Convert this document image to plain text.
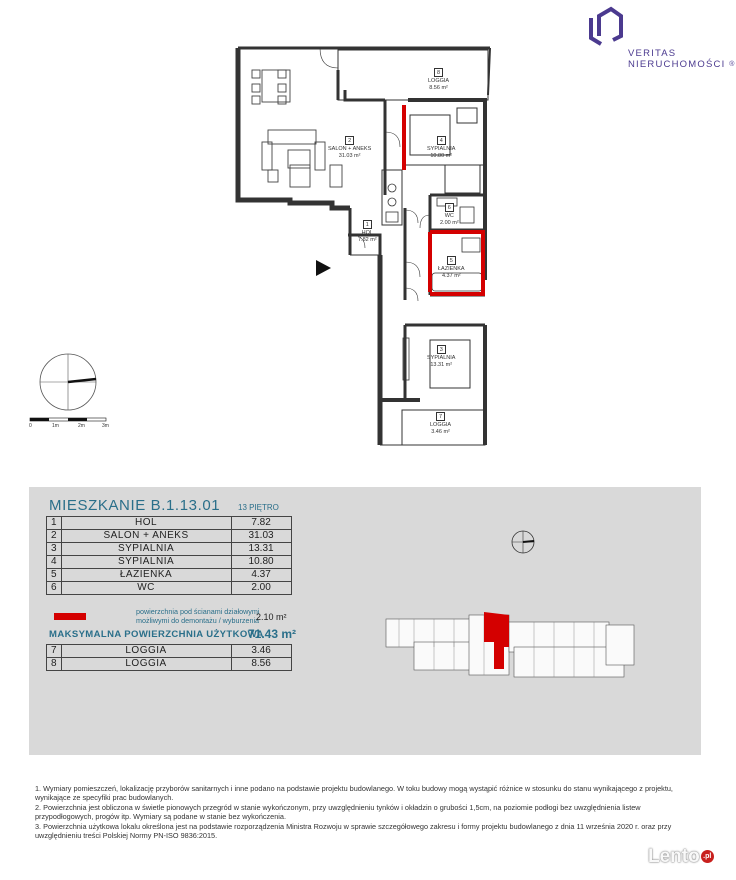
VERITAS
NIERUCHOMOŚCI ®
8
LOGGIA
8.56 m²
2
SALON + ANEKS
31.03 m²
4
SYPIALNIA
10.80 m²
6
WC
2.00 m²
1
HOL
7.82 m²
5
ŁAZIENKA
4.37 m²
3
SYPIALNIA
13.31 m²
7
LOGGIA
3.46 m²
0	1m	2m	3m
MIESZKANIE B.1.13.01 13 PIĘTRO
1	HOL	7.82
2	SALON + ANEKS	31.03
3	SYPIALNIA	13.31
4	SYPIALNIA	10.80
5	ŁAZIENKA	4.37
6	WC	2.00
powierzchnia pod ścianami działowymi
możliwymi do demontażu / wyburzenia
2.10 m²
MAKSYMALNA POWIERZCHNIA UŻYTKOWA
71.43 m²
7	LOGGIA	3.46
8	LOGGIA	8.56

1. Wymiary pomieszczeń, lokalizację przyborów sanitarnych i inne podano na podstawie projektu budowlanego. W toku budowy mogą wystąpić różnice w stosunku do stanu wynikającego z projektu, wynikające ze specyfiki prac budowlanych.

2. Powierzchnia jest obliczona w świetle pionowych przegród w stanie wykończonym, przy uwzględnieniu tynków i okładzin o grubości 1,5cm, na poziomie podłogi bez uwzględnienia listew przypodłogowych, progów itp. Wymiary są podane w stanie bez wykończenia.

3. Powierzchnia użytkowa lokalu określona jest na podstawie rozporządzenia Ministra Rozwoju w sprawie szczegółowego zakresu i formy projektu budowlanego z dnia 11 września 2020 r. oraz przy uwzględnieniu treści Polskiej Normy PN-ISO 9836:2015.

Lento .pl
